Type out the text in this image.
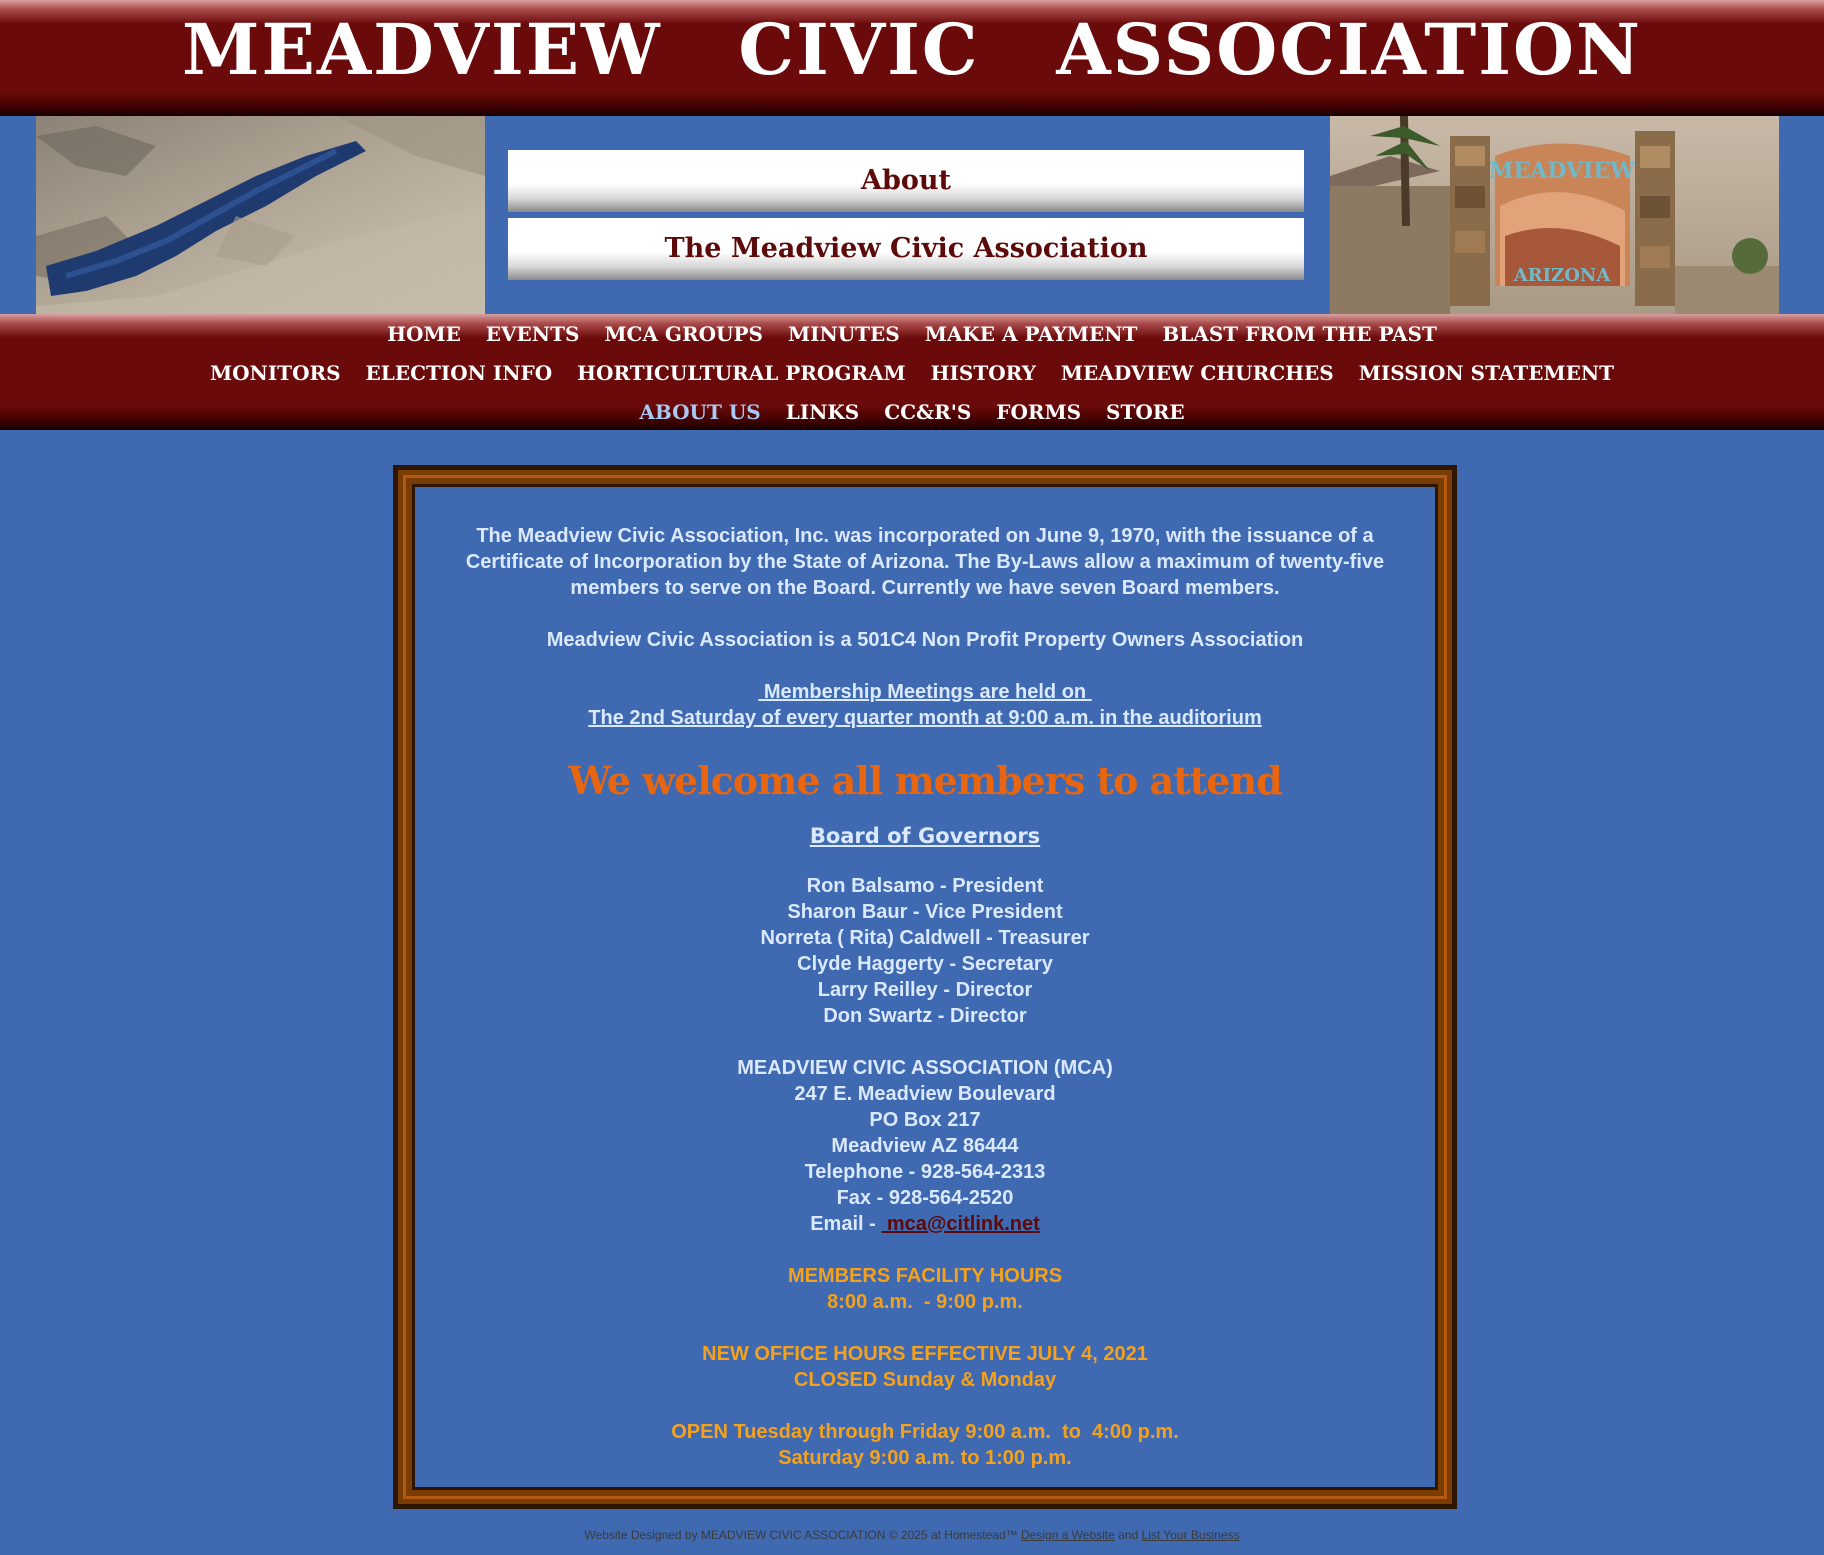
MEADVIEW  CIVIC  ASSOCIATION
About
The Meadview Civic Association
MEADVIEW
ARIZONA
HOME EVENTS MCA GROUPS MINUTES MAKE A PAYMENT BLAST FROM THE PAST
MONITORS ELECTION INFO HORTICULTURAL PROGRAM HISTORY MEADVIEW CHURCHES MISSION STATEMENT
ABOUT US LINKS CC&R'S FORMS STORE

The Meadview Civic Association, Inc. was incorporated on June 9, 1970, with the issuance of a
Certificate of Incorporation by the State of Arizona. The By-Laws allow a maximum of twenty-five
members to serve on the Board. Currently we have seven Board members.

Meadview Civic Association is a 501C4 Non Profit Property Owners Association

Membership Meetings are held on
The 2nd Saturday of every quarter month at 9:00 a.m. in the auditorium

We welcome all members to attend
Board of Governors

Ron Balsamo - President
Sharon Baur - Vice President
Norreta ( Rita) Caldwell - Treasurer
Clyde Haggerty - Secretary
Larry Reilley - Director
Don Swartz - Director

MEADVIEW CIVIC ASSOCIATION (MCA)
247 E. Meadview Boulevard
PO Box 217
Meadview AZ 86444
Telephone - 928-564-2313
Fax - 928-564-2520
Email -  mca@citlink.net

MEMBERS FACILITY HOURS
8:00 a.m.  - 9:00 p.m.

NEW OFFICE HOURS EFFECTIVE JULY 4, 2021
CLOSED Sunday & Monday

OPEN Tuesday through Friday 9:00 a.m.  to  4:00 p.m.
Saturday 9:00 a.m. to 1:00 p.m.

Website Designed by MEADVIEW CIVIC ASSOCIATION © 2025 at Homestead™ Design a Website and List Your Business
